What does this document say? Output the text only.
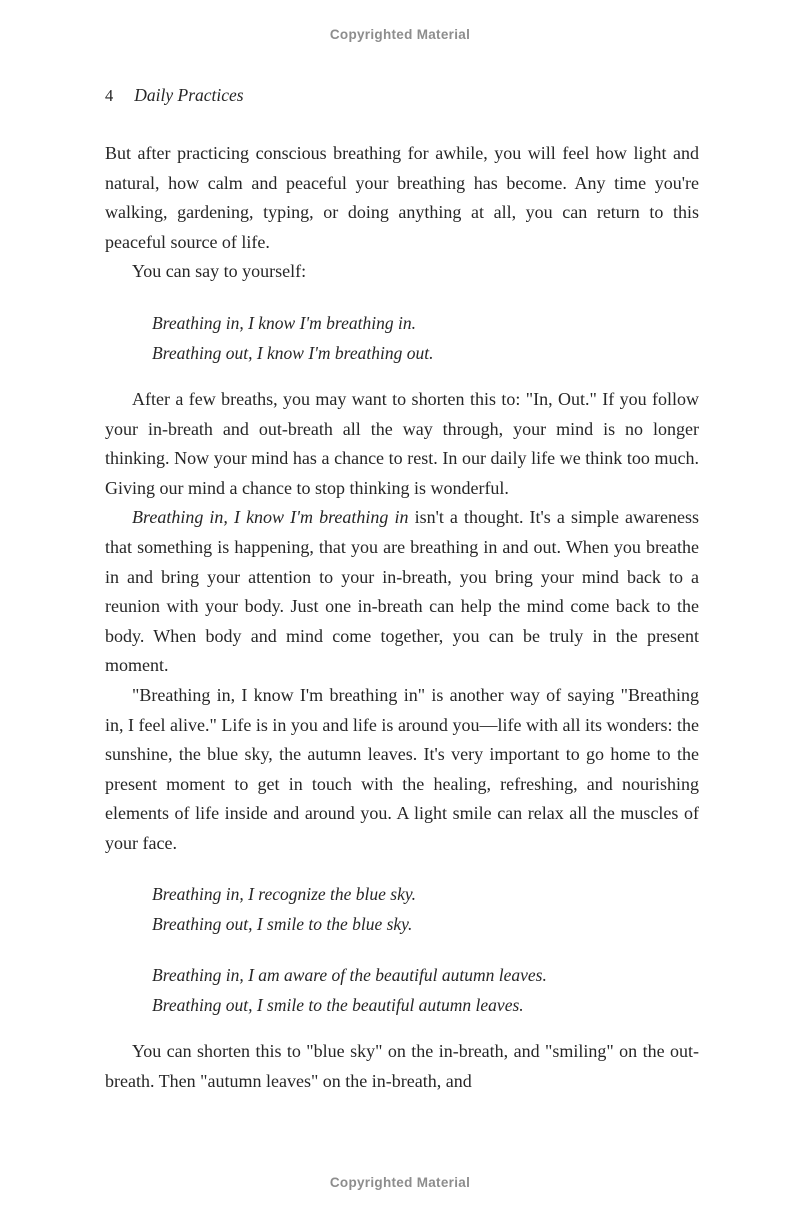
Copyrighted Material
4 Daily Practices

But after practicing conscious breathing for awhile, you will feel how light and natural, how calm and peaceful your breathing has become. Any time you're walking, gardening, typing, or doing anything at all, you can return to this peaceful source of life.

You can say to yourself:

Breathing in, I know I'm breathing in.
Breathing out, I know I'm breathing out.

After a few breaths, you may want to shorten this to: "In, Out." If you follow your in-breath and out-breath all the way through, your mind is no longer thinking. Now your mind has a chance to rest. In our daily life we think too much. Giving our mind a chance to stop thinking is wonderful.

Breathing in, I know I'm breathing in isn't a thought. It's a simple awareness that something is happening, that you are breathing in and out. When you breathe in and bring your attention to your in-breath, you bring your mind back to a reunion with your body. Just one in-breath can help the mind come back to the body. When body and mind come together, you can be truly in the present moment.

"Breathing in, I know I'm breathing in" is another way of saying "Breathing in, I feel alive." Life is in you and life is around you—life with all its wonders: the sunshine, the blue sky, the autumn leaves. It's very important to go home to the present moment to get in touch with the healing, refreshing, and nourishing elements of life inside and around you. A light smile can relax all the muscles of your face.

Breathing in, I recognize the blue sky.
Breathing out, I smile to the blue sky.
Breathing in, I am aware of the beautiful autumn leaves.
Breathing out, I smile to the beautiful autumn leaves.

You can shorten this to "blue sky" on the in-breath, and "smiling" on the out-breath. Then "autumn leaves" on the in-breath, and

Copyrighted Material
